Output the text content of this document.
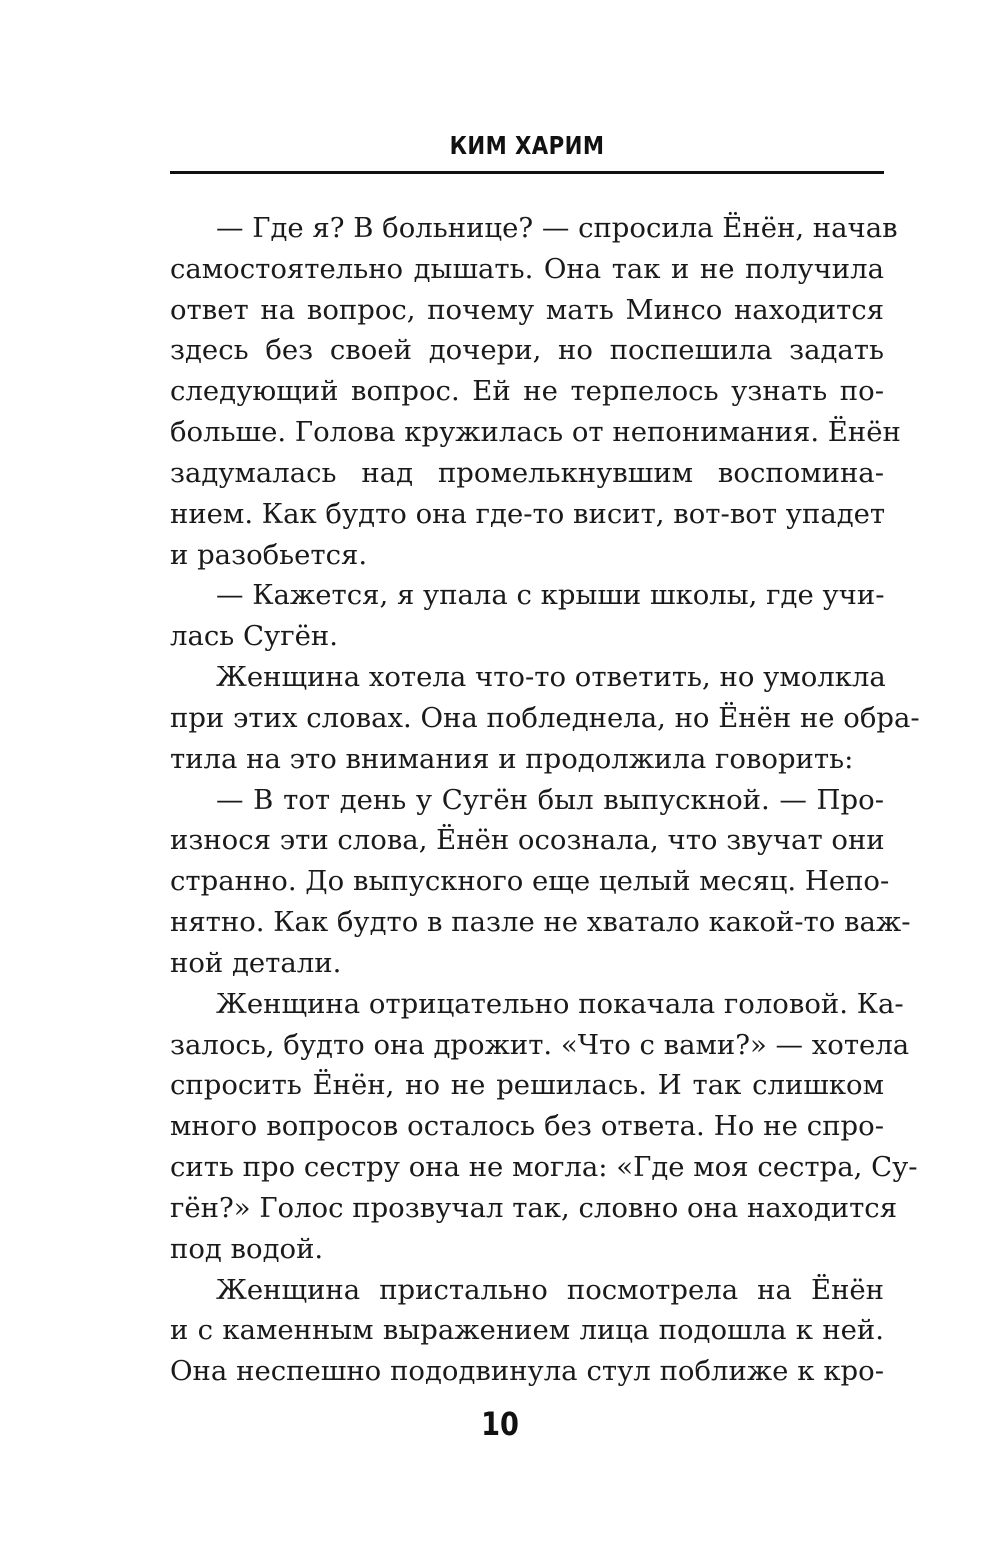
КИМ ХАРИМ
— Где я? В больнице? — спросила Ёнён, начав
самостоятельно дышать. Она так и не получила
ответ на вопрос, почему мать Минсо находится
здесь без своей дочери, но поспешила задать
следующий вопрос. Ей не терпелось узнать по-
больше. Голова кружилась от непонимания. Ёнён
задумалась над промелькнувшим воспомина-
нием. Как будто она где-то висит, вот-вот упадет
и разобьется.
— Кажется, я упала с крыши школы, где учи-
лась Сугён.
Женщина хотела что-то ответить, но умолкла
при этих словах. Она побледнела, но Ёнён не обра-
тила на это внимания и продолжила говорить:
— В тот день у Сугён был выпускной. — Про-
износя эти слова, Ёнён осознала, что звучат они
странно. До выпускного еще целый месяц. Непо-
нятно. Как будто в пазле не хватало какой-то важ-
ной детали.
Женщина отрицательно покачала головой. Ка-
залось, будто она дрожит. «Что с вами?» — хотела
спросить Ёнён, но не решилась. И так слишком
много вопросов осталось без ответа. Но не спро-
сить про сестру она не могла: «Где моя сестра, Су-
гён?» Голос прозвучал так, словно она находится
под водой.
Женщина пристально посмотрела на Ёнён
и с каменным выражением лица подошла к ней.
Она неспешно пододвинула стул поближе к кро-
10
